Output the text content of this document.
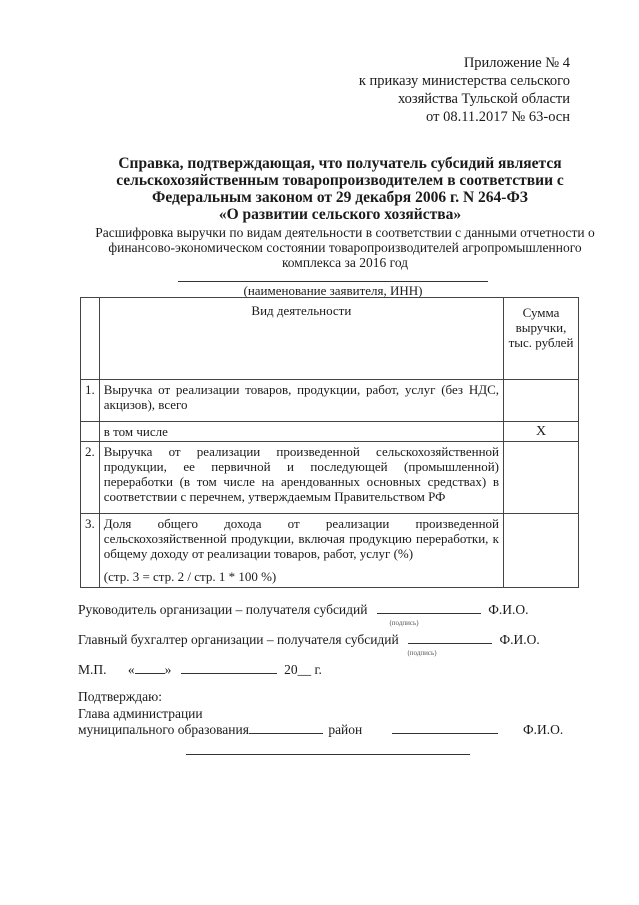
Приложение № 4
к приказу министерства сельского
хозяйства Тульской области
от 08.11.2017 № 63-осн
Справка, подтверждающая, что получатель субсидий является
сельскохозяйственным товаропроизводителем в соответствии с
Федеральным законом от 29 декабря 2006 г. N 264-ФЗ
«О развитии сельского хозяйства»
Расшифровка выручки по видам деятельности в соответствии с данными отчетности о
финансово-экономическом состоянии товаропроизводителей агропромышленного
комплекса за 2016 год
(наименование заявителя, ИНН)
	Вид деятельности	Сумма
выручки,
тыс. рублей

1.	Выручка от реализации товаров, продукции, работ, услуг (без НДС, акцизов), всего	
	в том числе	X
2.	Выручка от реализации произведенной сельскохозяйственной продукции, ее первичной и последующей (промышленной) переработки (в том числе на арендованных основных средствах) в соответствии с перечнем, утверждаемым Правительством РФ	
3.	Доля общего дохода от реализации произведенной сельскохозяйственной продукции, включая продукцию переработки, к общему доходу от реализации товаров, работ, услуг (%)
(стр. 3 = стр. 2 / стр. 1 * 100 %)	

Руководитель организации – получателя субсидий	Ф.И.О.
(подпись)
Главный бухгалтер организации – получателя субсидий	Ф.И.О.
(подпись)
М.П. « »	20__ г.
Подтверждаю:
Глава администрации
муниципального образования	район	Ф.И.О.
